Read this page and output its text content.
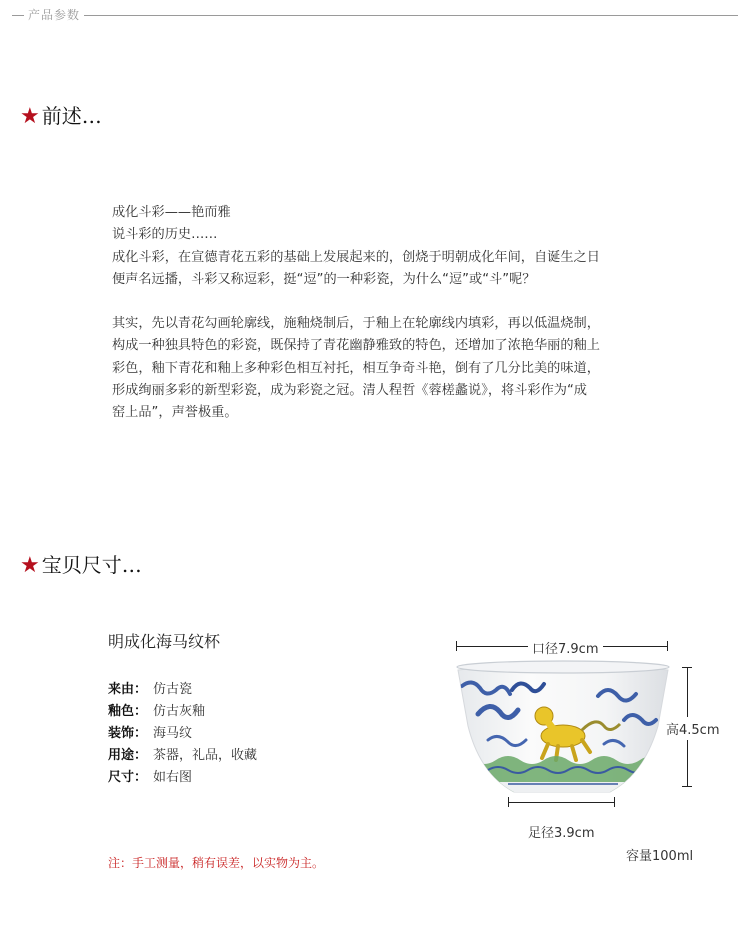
产品参数
★ 前述…

成化斗彩——艳而雅

说斗彩的历史……

成化斗彩，在宣德青花五彩的基础上发展起来的，创烧于明朝成化年间，自诞生之日

便声名远播，斗彩又称逗彩，挺“逗”的一种彩瓷，为什么“逗”或“斗”呢？

其实，先以青花勾画轮廓线，施釉烧制后，于釉上在轮廓线内填彩，再以低温烧制，

构成一种独具特色的彩瓷，既保持了青花幽静雅致的特色，还增加了浓艳华丽的釉上

彩色，釉下青花和釉上多种彩色相互衬托，相互争奇斗艳，倒有了几分比美的味道，

形成绚丽多彩的新型彩瓷，成为彩瓷之冠。清人程哲《蓉槎蠡说》，将斗彩作为“成

窑上品”，声誉极重。

★ 宝贝尺寸…
明成化海马纹杯
来由： 仿古瓷
釉色： 仿古灰釉
装饰： 海马纹
用途： 茶器，礼品，收藏
尺寸： 如右图
注：手工测量，稍有误差，以实物为主。
口径7.9cm
高4.5cm
足径3.9cm
容量100ml
